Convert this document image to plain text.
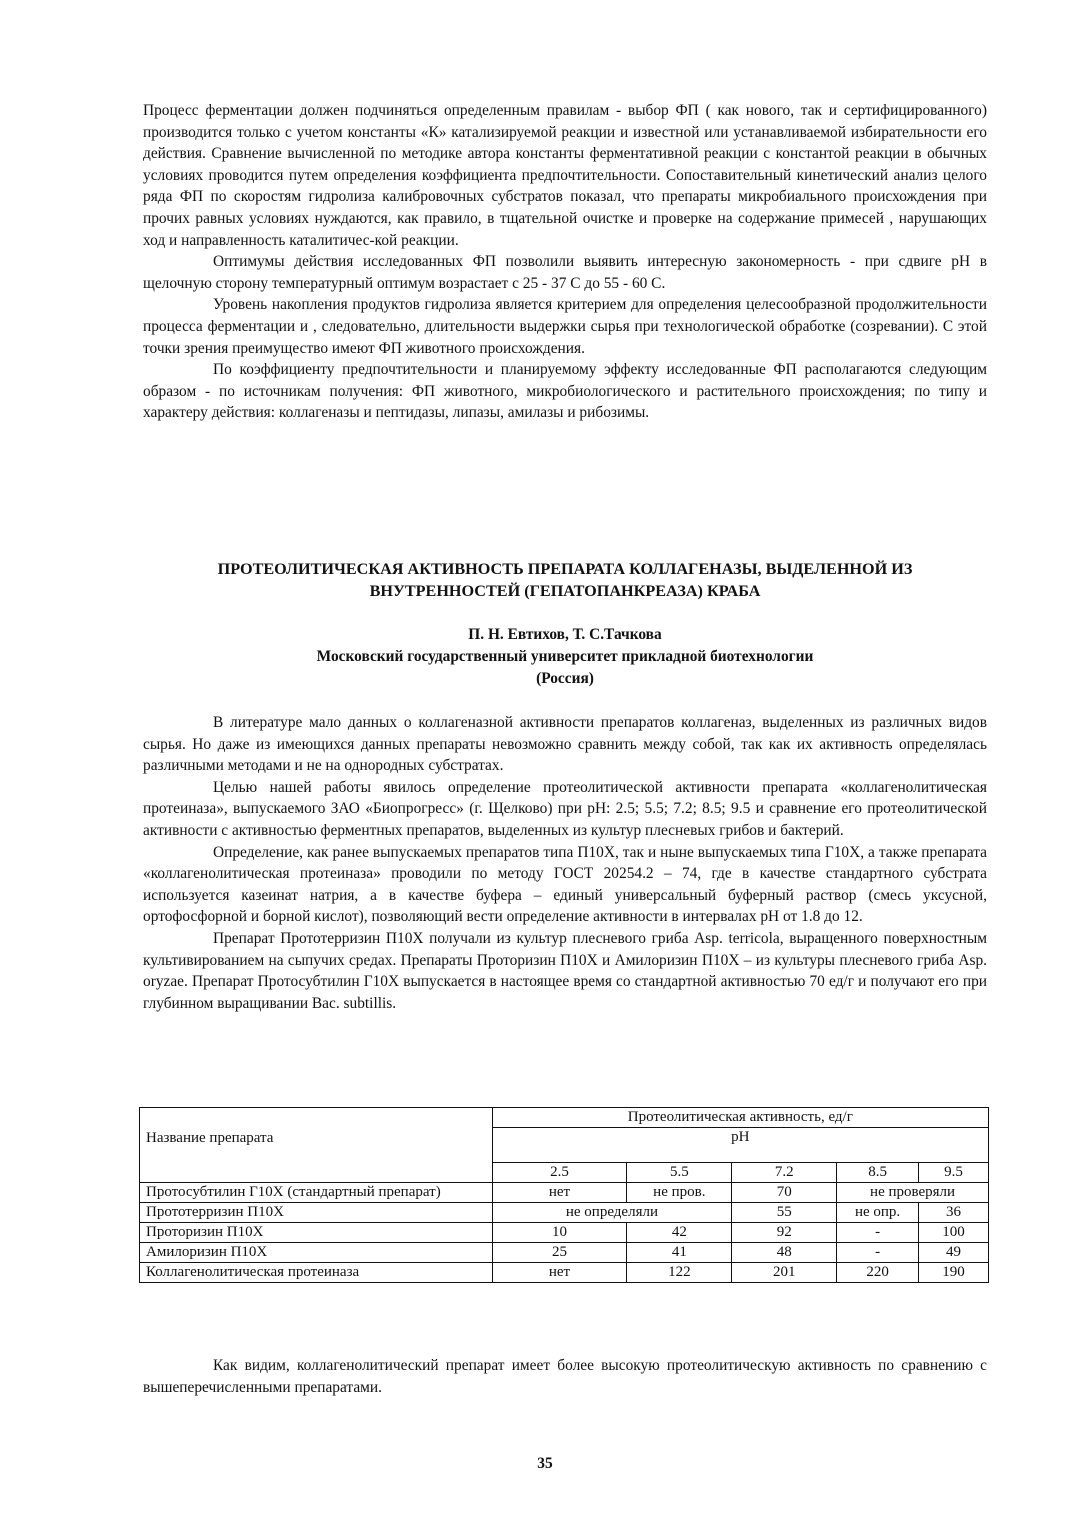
Процесс ферментации должен подчиняться определенным правилам - выбор ФП ( как нового, так и сертифицированного) производится только с учетом константы «К» катализируемой реакции и известной или устанавливаемой избирательности его действия. Сравнение вычисленной по методике автора константы ферментативной реакции с константой реакции в обычных условиях проводится путем определения коэффициента предпочтительности. Сопоставительный кинетический анализ целого ряда ФП по скоростям гидролиза калибровочных субстратов показал, что препараты микробиального происхождения при прочих равных условиях нуждаются, как правило, в тщательной очистке и проверке на содержание примесей , нарушающих ход и направленность каталитичес-кой реакции.

Оптимумы действия исследованных ФП позволили выявить интересную закономерность - при сдвиге pH в щелочную сторону температурный оптимум возрастает с 25 - 37 С до 55 - 60 С.

Уровень накопления продуктов гидролиза является критерием для определения целесообразной продолжительности процесса ферментации и , следовательно, длительности выдержки сырья при технологической обработке (созревании). С этой точки зрения преимущество имеют ФП животного происхождения.

По коэффициенту предпочтительности и планируемому эффекту исследованные ФП располагаются следующим образом - по источникам получения: ФП животного, микробиологического и растительного происхождения; по типу и характеру действия: коллагеназы и пептидазы, липазы, амилазы и рибозимы.

ПРОТЕОЛИТИЧЕСКАЯ АКТИВНОСТЬ ПРЕПАРАТА КОЛЛАГЕНАЗЫ, ВЫДЕЛЕННОЙ ИЗ ВНУТРЕННОСТЕЙ (ГЕПАТОПАНКРЕАЗА) КРАБА
П. Н. Евтихов, Т. С.Тачкова
Московский государственный университет прикладной биотехнологии
(Россия)

В литературе мало данных о коллагеназной активности препаратов коллагеназ, выделенных из различных видов сырья. Но даже из имеющихся данных препараты невозможно сравнить между собой, так как их активность определялась различными методами и не на однородных субстратах.

Целью нашей работы явилось определение протеолитической активности препарата «коллагенолитическая протеиназа», выпускаемого ЗАО «Биопрогресс» (г. Щелково) при pH: 2.5; 5.5; 7.2; 8.5; 9.5 и сравнение его протеолитической активности с активностью ферментных препаратов, выделенных из культур плесневых грибов и бактерий.

Определение, как ранее выпускаемых препаратов типа П10Х, так и ныне выпускаемых типа Г10Х, а также препарата «коллагенолитическая протеиназа» проводили по методу ГОСТ 20254.2 – 74, где в качестве стандартного субстрата используется казеинат натрия, а в качестве буфера – единый универсальный буферный раствор (смесь уксусной, ортофосфорной и борной кислот), позволяющий вести определение активности в интервалах pH от 1.8 до 12.

Препарат Прототерризин П10Х получали из культур плесневого гриба Asp. terricola, выращенного поверхностным культивированием на сыпучих средах. Препараты Проторизин П10Х и Амилоризин П10Х – из культуры плесневого гриба Asp. oryzae. Препарат Протосубтилин Г10Х выпускается в настоящее время со стандартной активностью 70 ед/г и получают его при глубинном выращивании Bac. subtillis.

Название препарата	Протеолитическая активность, ед/г				
	pH				
	2.5	5.5	7.2	8.5	9.5
Протосубтилин Г10Х (стандартный препарат)	нет	не пров.	70	не проверяли	
Прототерризин П10Х	не определяли		55	не опр.	36
Проторизин П10Х	10	42	92	-	100
Амилоризин П10Х	25	41	48	-	49
Коллагенолитическая протеиназа	нет	122	201	220	190

Как видим, коллагенолитический препарат имеет более высокую протеолитическую активность по сравнению с вышеперечисленными препаратами.

35
